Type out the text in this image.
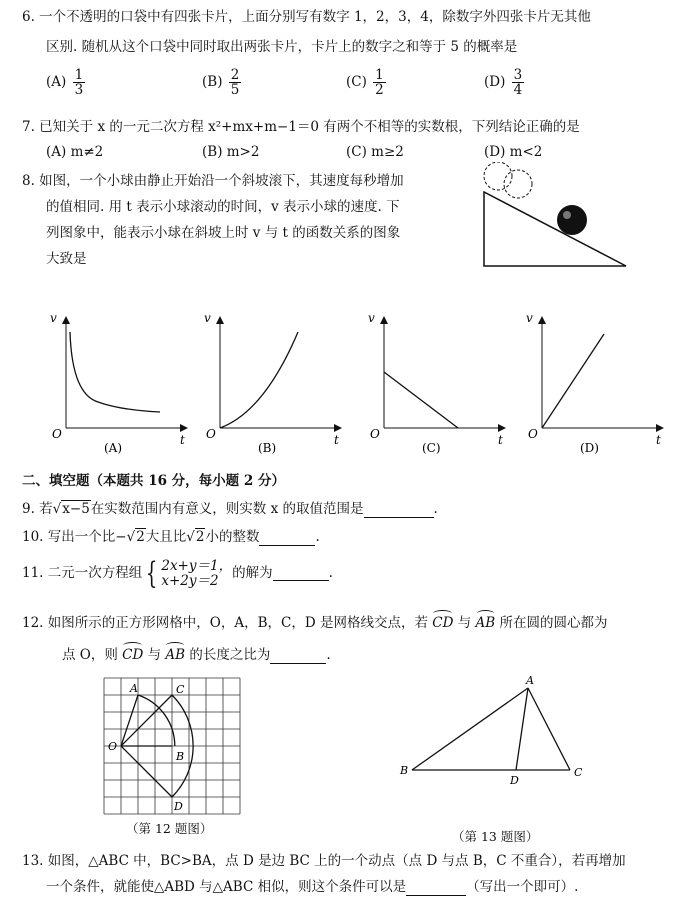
6. 一个不透明的口袋中有四张卡片，上面分别写有数字 1，2，3，4，除数字外四张卡片无其他
区别. 随机从这个口袋中同时取出两张卡片，卡片上的数字之和等于 5 的概率是
$(A) \frac{1}{3}$	$(B) \frac{2}{5}$	$(C) \frac{1}{2}$	$(D) \frac{3}{4}$
7. 已知关于 x 的一元二次方程 x²+mx+m−1＝0 有两个不相等的实数根，下列结论正确的是
(A) m≠2	(B) m>2	(C) m≥2	(D) m<2
8. 如图，一个小球由静止开始沿一个斜坡滚下，其速度每秒增加
的值相同. 用 t 表示小球滚动的时间，v 表示小球的速度. 下
列图象中，能表示小球在斜坡上时 v 与 t 的函数关系的图象
大致是
v
O	t
(A)
v
O	t
(B)
v
O	t
(C)
v
O	t
(D)
二、填空题（本题共 16 分，每小题 2 分）
9. 若√x−5在实数范围内有意义，则实数 x 的取值范围是	.
10. 写出一个比−√2大且比√2小的整数	.
11. 二元一次方程组 { 2x+y＝1，
x+2y＝2	的解为	.
12. 如图所示的正方形网格中，O，A，B，C，D 是网格线交点，若 CD 与 AB 所在圆的圆心都为
点 O，则 CD 与 AB 的长度之比为	.
A
B
C
D
O
（第 12 题图）
A
B	C
D
（第 13 题图）
13. 如图，△ABC 中，BC>BA，点 D 是边 BC 上的一个动点（点 D 与点 B，C 不重合），若再增加
一个条件，就能使△ABD 与△ABC 相似，则这个条件可以是	（写出一个即可）.
